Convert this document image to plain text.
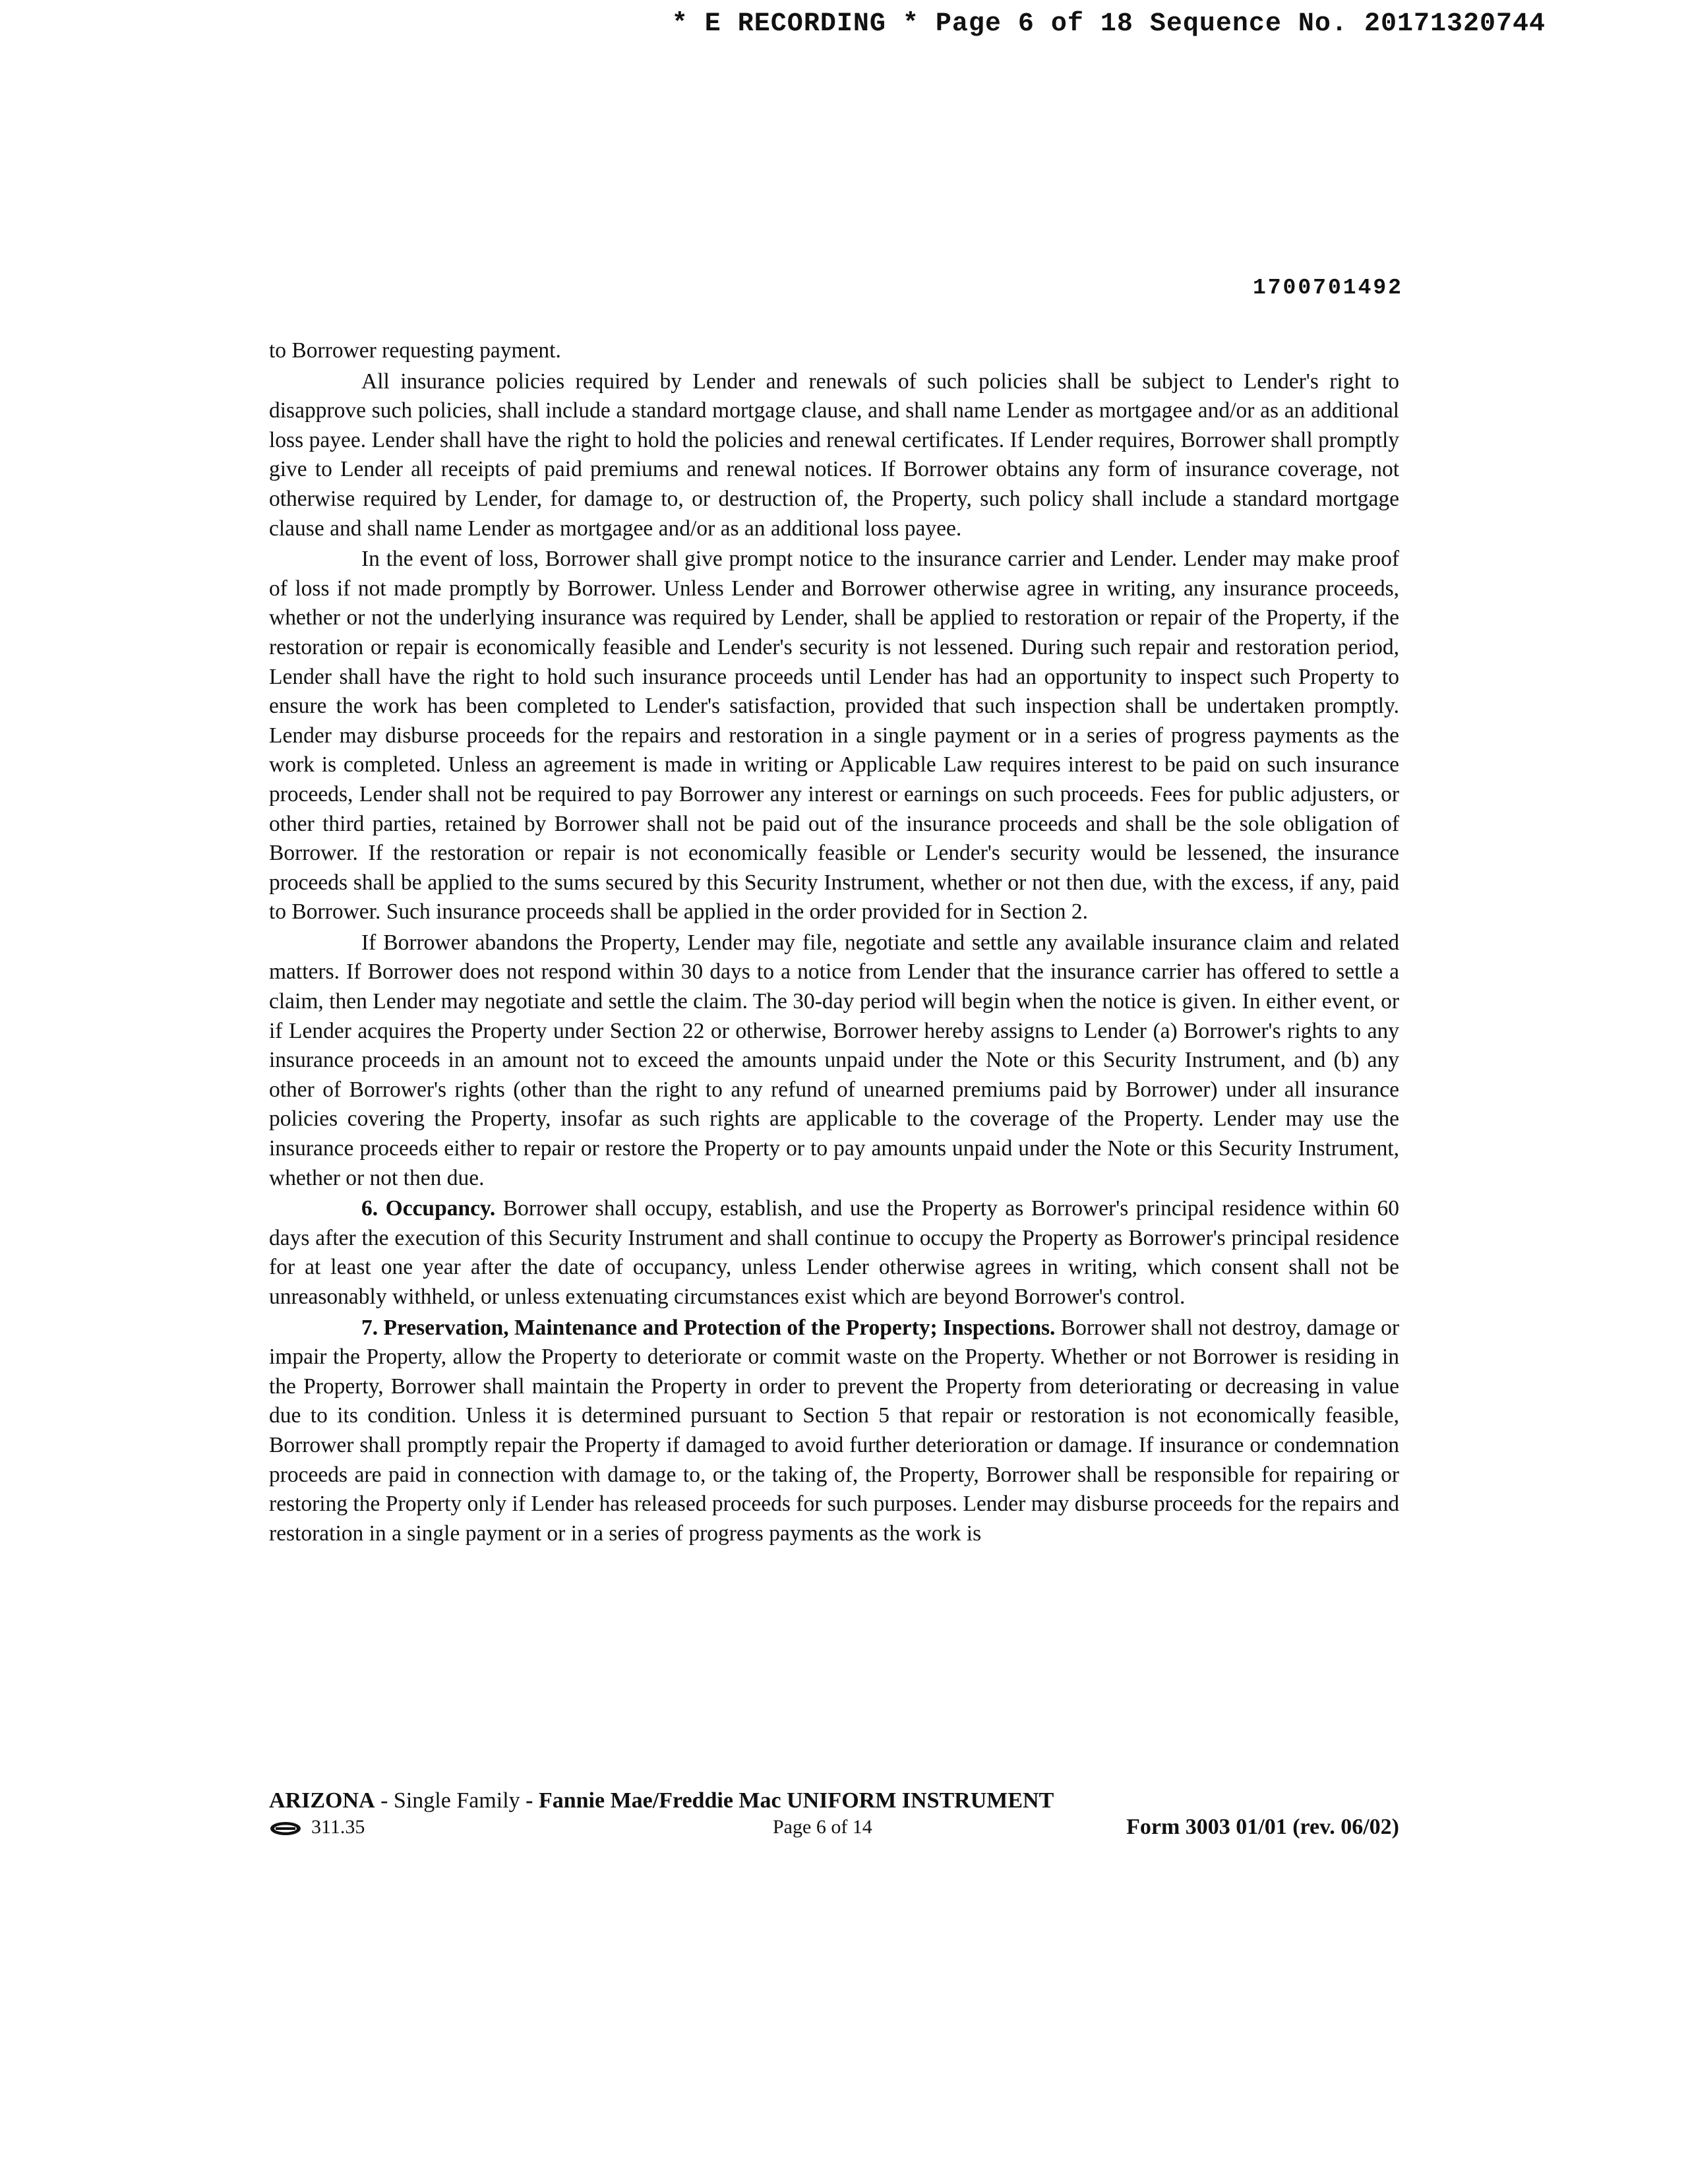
* E RECORDING * Page 6 of 18 Sequence No. 20171320744
1700701492

to Borrower requesting payment.

All insurance policies required by Lender and renewals of such policies shall be subject to Lender's right to disapprove such policies, shall include a standard mortgage clause, and shall name Lender as mortgagee and/or as an additional loss payee. Lender shall have the right to hold the policies and renewal certificates. If Lender requires, Borrower shall promptly give to Lender all receipts of paid premiums and renewal notices. If Borrower obtains any form of insurance coverage, not otherwise required by Lender, for damage to, or destruction of, the Property, such policy shall include a standard mortgage clause and shall name Lender as mortgagee and/or as an additional loss payee.

In the event of loss, Borrower shall give prompt notice to the insurance carrier and Lender. Lender may make proof of loss if not made promptly by Borrower. Unless Lender and Borrower otherwise agree in writing, any insurance proceeds, whether or not the underlying insurance was required by Lender, shall be applied to restoration or repair of the Property, if the restoration or repair is economically feasible and Lender's security is not lessened. During such repair and restoration period, Lender shall have the right to hold such insurance proceeds until Lender has had an opportunity to inspect such Property to ensure the work has been completed to Lender's satisfaction, provided that such inspection shall be undertaken promptly. Lender may disburse proceeds for the repairs and restoration in a single payment or in a series of progress payments as the work is completed. Unless an agreement is made in writing or Applicable Law requires interest to be paid on such insurance proceeds, Lender shall not be required to pay Borrower any interest or earnings on such proceeds. Fees for public adjusters, or other third parties, retained by Borrower shall not be paid out of the insurance proceeds and shall be the sole obligation of Borrower. If the restoration or repair is not economically feasible or Lender's security would be lessened, the insurance proceeds shall be applied to the sums secured by this Security Instrument, whether or not then due, with the excess, if any, paid to Borrower. Such insurance proceeds shall be applied in the order provided for in Section 2.

If Borrower abandons the Property, Lender may file, negotiate and settle any available insurance claim and related matters. If Borrower does not respond within 30 days to a notice from Lender that the insurance carrier has offered to settle a claim, then Lender may negotiate and settle the claim. The 30-day period will begin when the notice is given. In either event, or if Lender acquires the Property under Section 22 or otherwise, Borrower hereby assigns to Lender (a) Borrower's rights to any insurance proceeds in an amount not to exceed the amounts unpaid under the Note or this Security Instrument, and (b) any other of Borrower's rights (other than the right to any refund of unearned premiums paid by Borrower) under all insurance policies covering the Property, insofar as such rights are applicable to the coverage of the Property. Lender may use the insurance proceeds either to repair or restore the Property or to pay amounts unpaid under the Note or this Security Instrument, whether or not then due.

6. Occupancy. Borrower shall occupy, establish, and use the Property as Borrower's principal residence within 60 days after the execution of this Security Instrument and shall continue to occupy the Property as Borrower's principal residence for at least one year after the date of occupancy, unless Lender otherwise agrees in writing, which consent shall not be unreasonably withheld, or unless extenuating circumstances exist which are beyond Borrower's control.

7. Preservation, Maintenance and Protection of the Property; Inspections. Borrower shall not destroy, damage or impair the Property, allow the Property to deteriorate or commit waste on the Property. Whether or not Borrower is residing in the Property, Borrower shall maintain the Property in order to prevent the Property from deteriorating or decreasing in value due to its condition. Unless it is determined pursuant to Section 5 that repair or restoration is not economically feasible, Borrower shall promptly repair the Property if damaged to avoid further deterioration or damage. If insurance or condemnation proceeds are paid in connection with damage to, or the taking of, the Property, Borrower shall be responsible for repairing or restoring the Property only if Lender has released proceeds for such purposes. Lender may disburse proceeds for the repairs and restoration in a single payment or in a series of progress payments as the work is

ARIZONA - Single Family - Fannie Mae/Freddie Mac UNIFORM INSTRUMENT
311.35	Page 6 of 14	Form 3003 01/01 (rev. 06/02)
